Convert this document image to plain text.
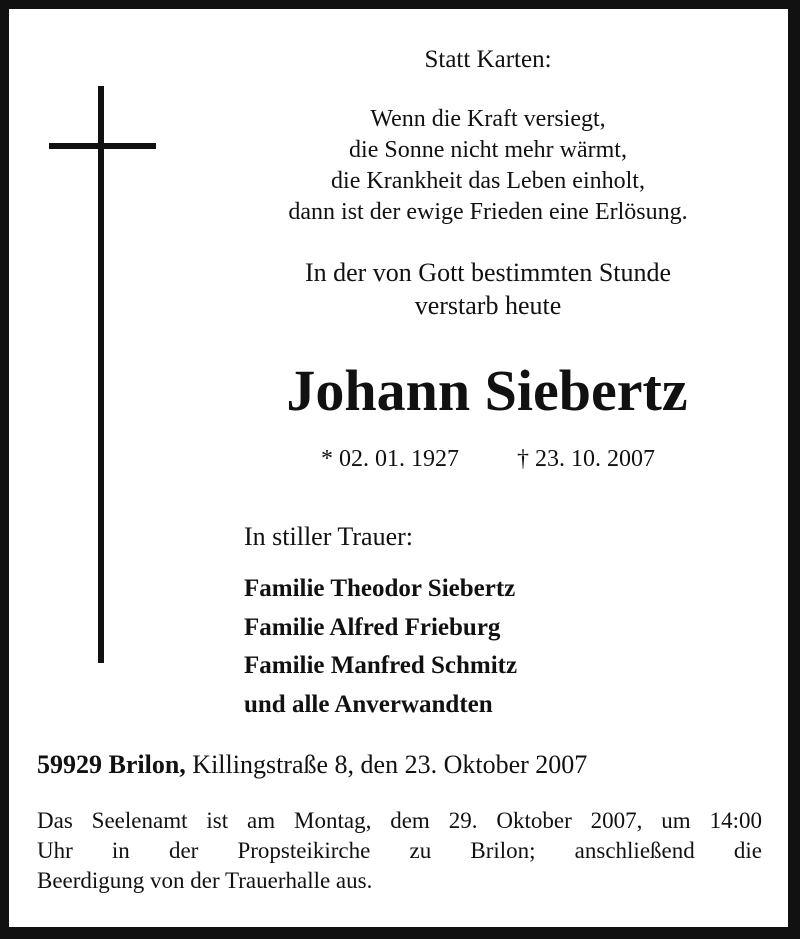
Statt Karten:
Wenn die Kraft versiegt,
die Sonne nicht mehr wärmt,
die Krankheit das Leben einholt,
dann ist der ewige Frieden eine Erlösung.
In der von Gott bestimmten Stunde
verstarb heute
Johann Siebertz
* 02. 01. 1927 † 23. 10. 2007
In stiller Trauer:
Familie Theodor Siebertz
Familie Alfred Frieburg
Familie Manfred Schmitz
und alle Anverwandten
59929 Brilon, Killingstraße 8, den 23. Oktober 2007
Das Seelenamt ist am Montag, dem 29. Oktober 2007, um 14:00
Uhr in der Propsteikirche zu Brilon; anschließend die
Beerdigung von der Trauerhalle aus.
